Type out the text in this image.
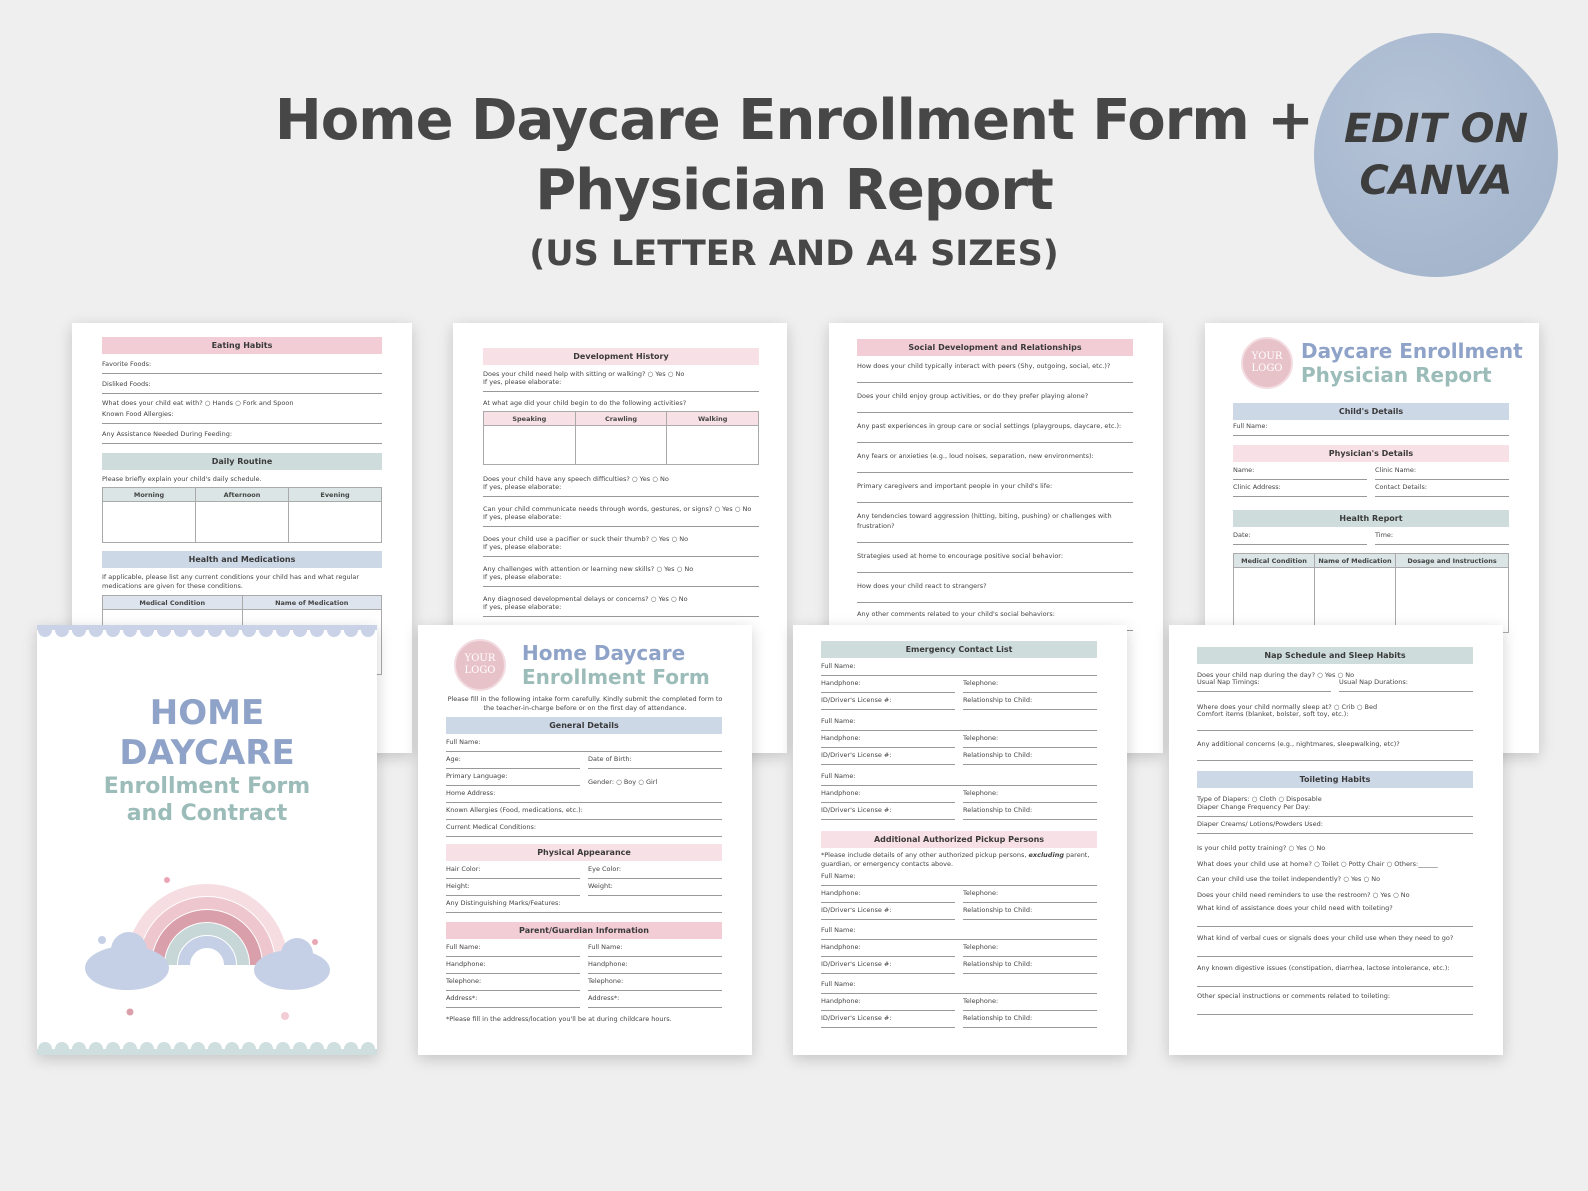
Home Daycare Enrollment Form +
Physician Report
(US LETTER AND A4 SIZES)
EDIT ON
CANVA
Eating Habits
Favorite Foods:
Disliked Foods:
What does your child eat with? ○ Hands ○ Fork and Spoon
Known Food Allergies:
Any Assistance Needed During Feeding:
Daily Routine
Please briefly explain your child's daily schedule.
Morning	Afternoon	Evening
Health and Medications
If applicable, please list any current conditions your child has and what regular medications are given for these conditions.
Medical Condition	Name of Medication
Development History
Does your child need help with sitting or walking? ○ Yes ○ No
If yes, please elaborate:
At what age did your child begin to do the following activities?
Speaking	Crawling	Walking
Does your child have any speech difficulties? ○ Yes ○ No
If yes, please elaborate:
Can your child communicate needs through words, gestures, or signs? ○ Yes ○ No
If yes, please elaborate:
Does your child use a pacifier or suck their thumb? ○ Yes ○ No
If yes, please elaborate:
Any challenges with attention or learning new skills? ○ Yes ○ No
If yes, please elaborate:
Any diagnosed developmental delays or concerns? ○ Yes ○ No
If yes, please elaborate:
Social Development and Relationships
How does your child typically interact with peers (Shy, outgoing, social, etc.)?
Does your child enjoy group activities, or do they prefer playing alone?
Any past experiences in group care or social settings (playgroups, daycare, etc.):
Any fears or anxieties (e.g., loud noises, separation, new environments):
Primary caregivers and important people in your child's life:
Any tendencies toward aggression (hitting, biting, pushing) or challenges with frustration?
Strategies used at home to encourage positive social behavior:
How does your child react to strangers?
Any other comments related to your child's social behaviors:
YOUR
LOGO
Daycare Enrollment
Physician Report
Child's Details
Full Name:
Physician's Details
Name:	Clinic Name:
Clinic Address:	Contact Details:
Health Report
Date:	Time:
Medical Condition	Name of Medication	Dosage and Instructions
HOME
DAYCARE
Enrollment Form
and Contract
YOUR
LOGO
Home Daycare
Enrollment Form
Please fill in the following intake form carefully. Kindly submit the completed form to the teacher-in-charge before or on the first day of attendance.
General Details
Full Name:
Age:	Date of Birth:
Primary Language:
Gender: ○ Boy ○ Girl
Home Address:
Known Allergies (Food, medications, etc.):
Current Medical Conditions:
Physical Appearance
Hair Color:	Eye Color:
Height:	Weight:
Any Distinguishing Marks/Features:
Parent/Guardian Information
Full Name:	Full Name:
Handphone:	Handphone:
Telephone:	Telephone:
Address*:	Address*:
*Please fill in the address/location you'll be at during childcare hours.
Emergency Contact List
Additional Authorized Pickup Persons
*Please include details of any other authorized pickup persons, excluding parent, guardian, or emergency contacts above.
Full Name:
Handphone:	Telephone:
ID/Driver's License #:	Relationship to Child:
Full Name:
Handphone:	Telephone:
ID/Driver's License #:	Relationship to Child:
Full Name:
Handphone:	Telephone:
ID/Driver's License #:	Relationship to Child:
Full Name:
Handphone:	Telephone:
ID/Driver's License #:	Relationship to Child:
Full Name:
Handphone:	Telephone:
ID/Driver's License #:	Relationship to Child:
Full Name:
Handphone:	Telephone:
ID/Driver's License #:	Relationship to Child:
Nap Schedule and Sleep Habits
Does your child nap during the day? ○ Yes ○ No
Usual Nap Timings:	Usual Nap Durations:
Where does your child normally sleep at? ○ Crib ○ Bed
Comfort items (blanket, bolster, soft toy, etc.):
Any additional concerns (e.g., nightmares, sleepwalking, etc)?
Toileting Habits
Type of Diapers: ○ Cloth ○ Disposable
Diaper Change Frequency Per Day:
Diaper Creams/ Lotions/Powders Used:
Is your child potty training? ○ Yes ○ No
What does your child use at home? ○ Toilet ○ Potty Chair ○ Others:______
Can your child use the toilet independently? ○ Yes ○ No
Does your child need reminders to use the restroom? ○ Yes ○ No
What kind of assistance does your child need with toileting?
What kind of verbal cues or signals does your child use when they need to go?
Any known digestive issues (constipation, diarrhea, lactose intolerance, etc.):
Other special instructions or comments related to toileting:
